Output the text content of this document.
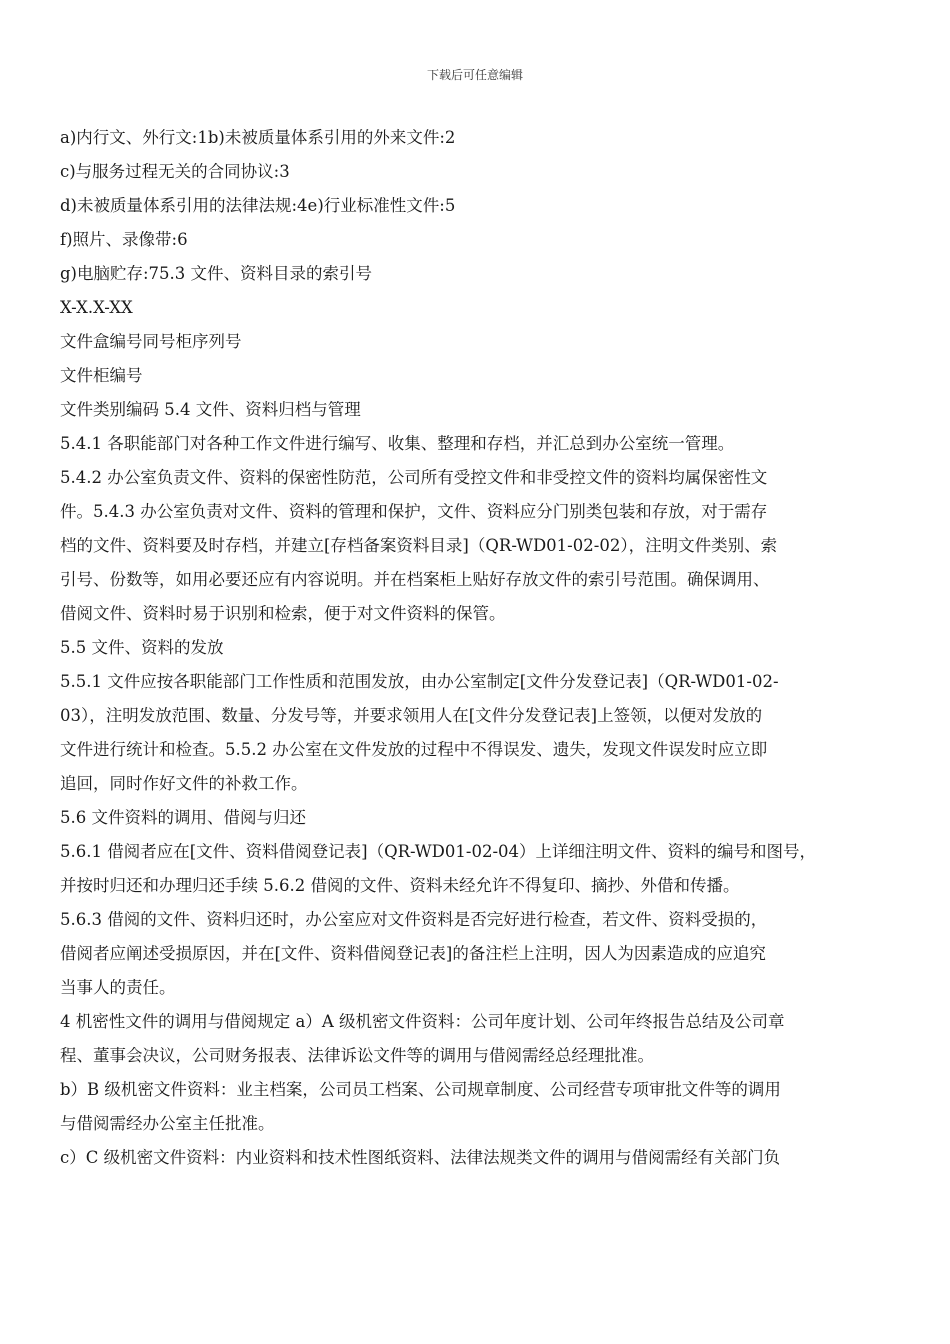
下载后可任意编辑
a)内行文、外行文:1b)未被质量体系引用的外来文件:2
c)与服务过程无关的合同协议:3
d)未被质量体系引用的法律法规:4e)行业标准性文件:5
f)照片、录像带:6
g)电脑贮存:75.3 文件、资料目录的索引号
X-X.X-XX
文件盒编号同号柜序列号
文件柜编号
文件类别编码 5.4 文件、资料归档与管理
5.4.1 各职能部门对各种工作文件进行编写、收集、整理和存档，并汇总到办公室统一管理。
5.4.2 办公室负责文件、资料的保密性防范，公司所有受控文件和非受控文件的资料均属保密性文
件。5.4.3 办公室负责对文件、资料的管理和保护，文件、资料应分门别类包装和存放，对于需存
档的文件、资料要及时存档，并建立[存档备案资料目录]（QR-WD01-02-02），注明文件类别、索
引号、份数等，如用必要还应有内容说明。并在档案柜上贴好存放文件的索引号范围。确保调用、
借阅文件、资料时易于识别和检索，便于对文件资料的保管。
5.5 文件、资料的发放
5.5.1 文件应按各职能部门工作性质和范围发放，由办公室制定[文件分发登记表]（QR-WD01-02-
03），注明发放范围、数量、分发号等，并要求领用人在[文件分发登记表]上签领，以便对发放的
文件进行统计和检查。5.5.2 办公室在文件发放的过程中不得误发、遗失，发现文件误发时应立即
追回，同时作好文件的补救工作。
5.6 文件资料的调用、借阅与归还
5.6.1 借阅者应在[文件、资料借阅登记表]（QR-WD01-02-04）上详细注明文件、资料的编号和图号，
并按时归还和办理归还手续 5.6.2 借阅的文件、资料未经允许不得复印、摘抄、外借和传播。
5.6.3 借阅的文件、资料归还时，办公室应对文件资料是否完好进行检查，若文件、资料受损的，
借阅者应阐述受损原因，并在[文件、资料借阅登记表]的备注栏上注明，因人为因素造成的应追究
当事人的责任。
4 机密性文件的调用与借阅规定 a）A 级机密文件资料：公司年度计划、公司年终报告总结及公司章
程、董事会决议，公司财务报表、法律诉讼文件等的调用与借阅需经总经理批准。
b）B 级机密文件资料：业主档案，公司员工档案、公司规章制度、公司经营专项审批文件等的调用
与借阅需经办公室主任批准。
c）C 级机密文件资料：内业资料和技术性图纸资料、法律法规类文件的调用与借阅需经有关部门负
